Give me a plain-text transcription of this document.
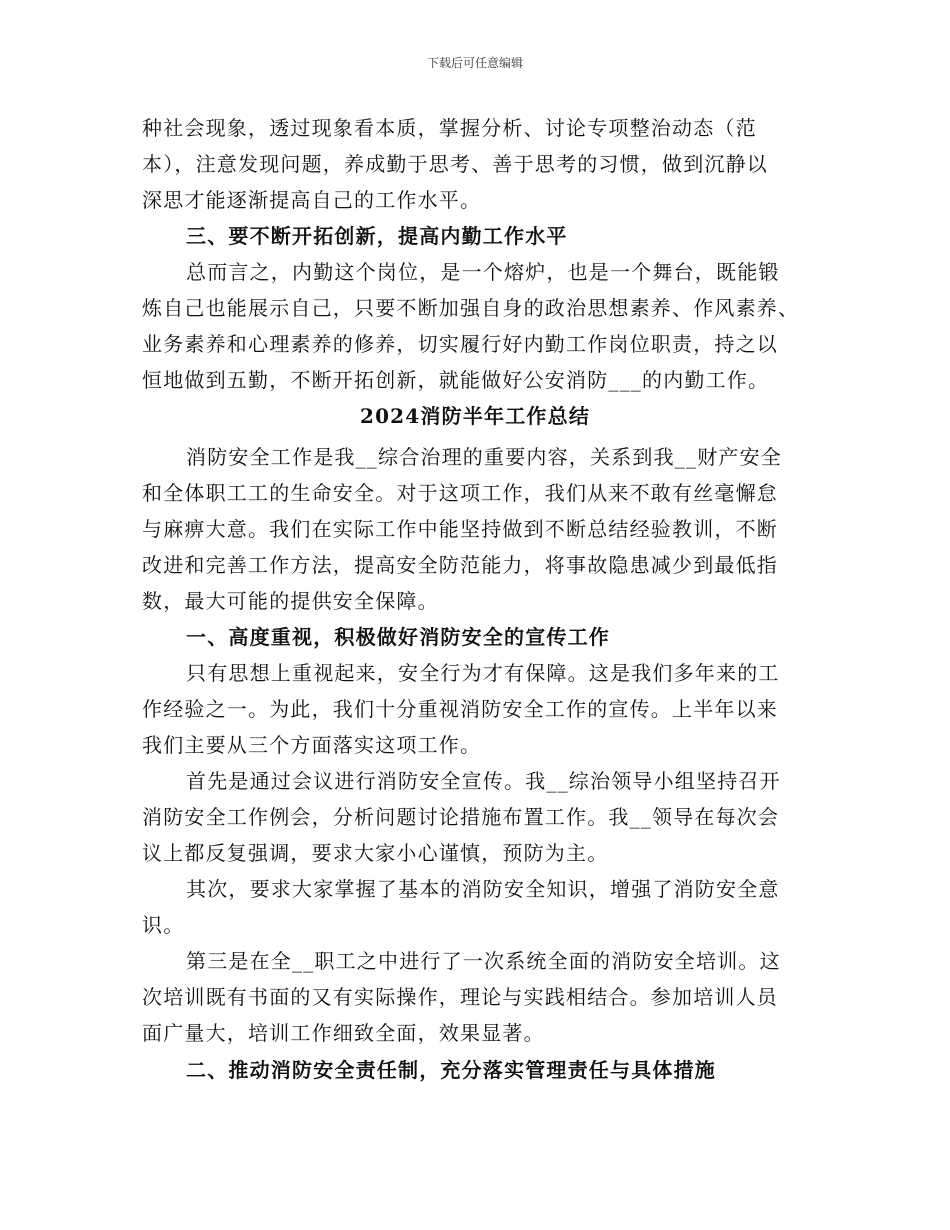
下载后可任意编辑
种社会现象，透过现象看本质，掌握分析、讨论专项整治动态（范
本），注意发现问题，养成勤于思考、善于思考的习惯，做到沉静以
深思才能逐渐提高自己的工作水平。
三、要不断开拓创新，提高内勤工作水平
总而言之，内勤这个岗位，是一个熔炉，也是一个舞台，既能锻
炼自己也能展示自己，只要不断加强自身的政治思想素养、作风素养、
业务素养和心理素养的修养，切实履行好内勤工作岗位职责，持之以
恒地做到五勤，不断开拓创新，就能做好公安消防___的内勤工作。
2024消防半年工作总结
消防安全工作是我__综合治理的重要内容，关系到我__财产安全
和全体职工工的生命安全。对于这项工作，我们从来不敢有丝毫懈怠
与麻痹大意。我们在实际工作中能坚持做到不断总结经验教训，不断
改进和完善工作方法，提高安全防范能力，将事故隐患减少到最低指
数，最大可能的提供安全保障。
一、高度重视，积极做好消防安全的宣传工作
只有思想上重视起来，安全行为才有保障。这是我们多年来的工
作经验之一。为此，我们十分重视消防安全工作的宣传。上半年以来
我们主要从三个方面落实这项工作。
首先是通过会议进行消防安全宣传。我__综治领导小组坚持召开
消防安全工作例会，分析问题讨论措施布置工作。我__领导在每次会
议上都反复强调，要求大家小心谨慎，预防为主。
其次，要求大家掌握了基本的消防安全知识，增强了消防安全意
识。
第三是在全__职工之中进行了一次系统全面的消防安全培训。这
次培训既有书面的又有实际操作，理论与实践相结合。参加培训人员
面广量大，培训工作细致全面，效果显著。
二、推动消防安全责任制，充分落实管理责任与具体措施
